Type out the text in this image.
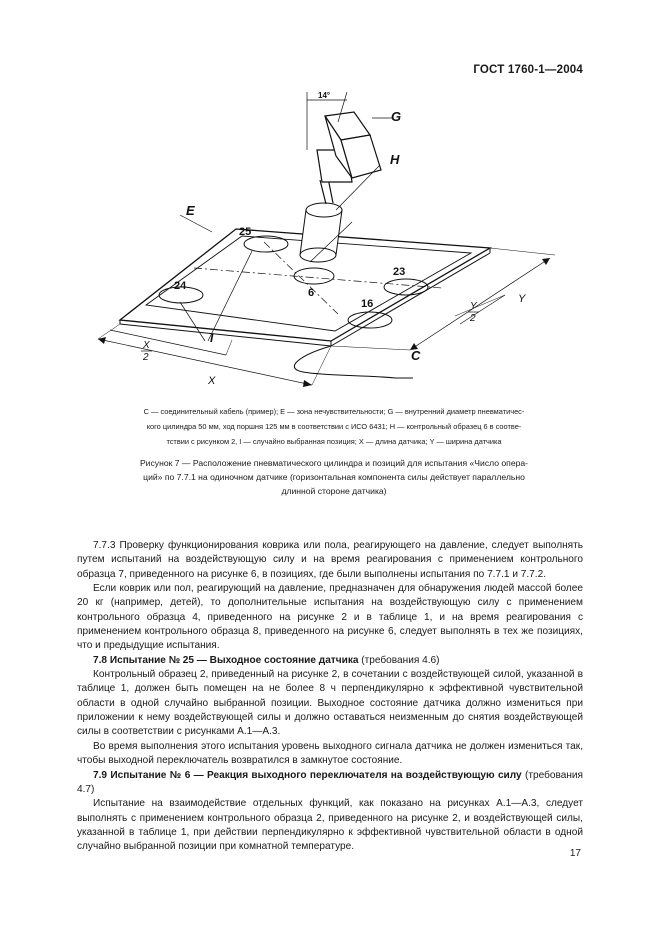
ГОСТ 1760-1—2004
14°
G
H
E
I
C
25
24
6
23
16
X
X
2
Y
Y
2
C — соединительный кабель (пример); E — зона нечувствительности; G — внутренний диаметр пневматичес-
кого цилиндра 50 мм, ход поршня 125 мм в соответствии с ИСО 6431; H — контрольный образец 6 в соотве-
тствии с рисунком 2, I — случайно выбранная позиция; X — длина датчика; Y — ширина датчика
Рисунок 7 — Расположение пневматического цилиндра и позиций для испытания «Число опера-
ций» по 7.7.1 на одиночном датчике (горизонтальная компонента силы действует параллельно
длинной стороне датчика)

7.7.3 Проверку функционирования коврика или пола, реагирующего на давление, следует выполнять путем испытаний на воздействующую силу и на время реагирования с применением контрольного образца 7, приведенного на рисунке 6, в позициях, где были выполнены испытания по 7.7.1 и 7.7.2.

Если коврик или пол, реагирующий на давление, предназначен для обнаружения людей массой более 20 кг (например, детей), то дополнительные испытания на воздействующую силу с применением контрольного образца 4, приведенного на рисунке 2 и в таблице 1, и на время реагирования с применением контрольного образца 8, приведенного на рисунке 6, следует выполнять в тех же позициях, что и предыдущие испытания.

7.8 Испытание № 25 — Выходное состояние датчика (требования 4.6)

Контрольный образец 2, приведенный на рисунке 2, в сочетании с воздействующей силой, указанной в таблице 1, должен быть помещен на не более 8 ч перпендикулярно к эффективной чувствительной области в одной случайно выбранной позиции. Выходное состояние датчика должно измениться при приложении к нему воздействующей силы и должно оставаться неизменным до снятия воздействующей силы в соответствии с рисунками А.1—А.3.

Во время выполнения этого испытания уровень выходного сигнала датчика не должен измениться так, чтобы выходной переключатель возвратился в замкнутое состояние.

7.9 Испытание № 6 — Реакция выходного переключателя на воздействующую силу (требования 4.7)

Испытание на взаимодействие отдельных функций, как показано на рисунках А.1—А.3, следует выполнять с применением контрольного образца 2, приведенного на рисунке 2, и воздействующей силы, указанной в таблице 1, при действии перпендикулярно к эффективной чувствительной области в одной случайно выбранной позиции при комнатной температуре.

17
